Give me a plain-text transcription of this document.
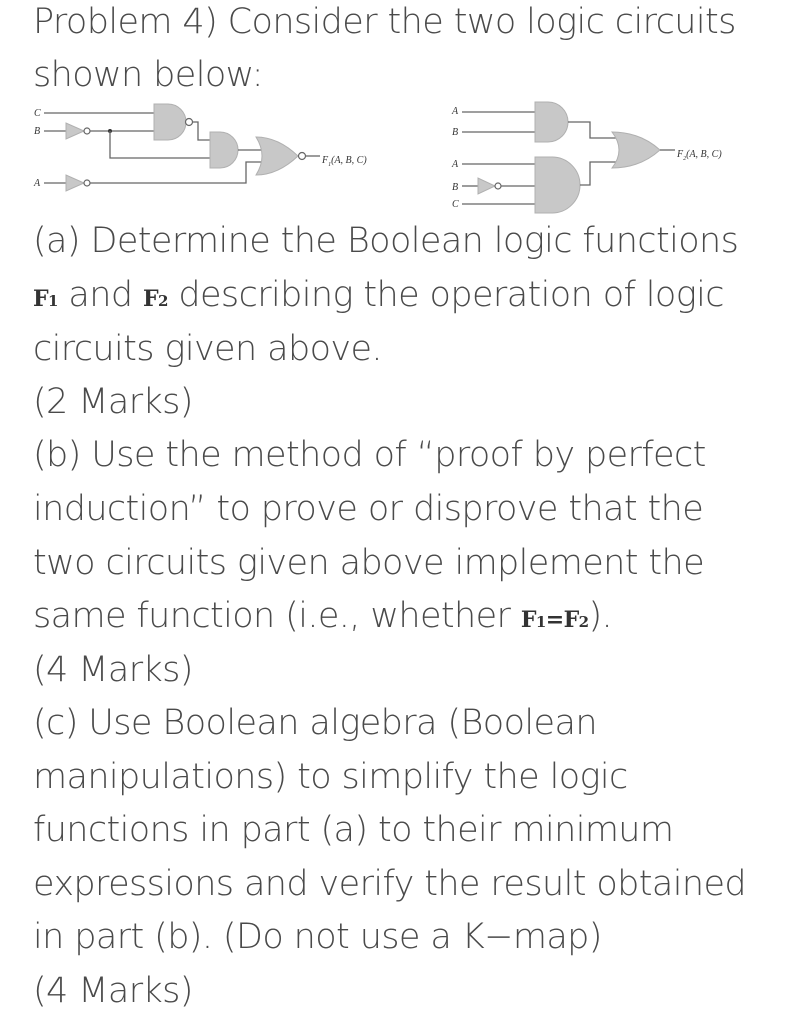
Problem 4) Consider the two logic circuits
shown below:
C
B
A
$F_1(A$, B, C)
A
B
A
B
C
$F_2(A$, B, C)
(a) Determine the Boolean logic functions
F1 and F2 describing the operation of logic
circuits given above.
(2 Marks)
(b) Use the method of “proof by perfect
induction” to prove or disprove that the
two circuits given above implement the
same function (i.e., whether F1=F2).
(4 Marks)
(c) Use Boolean algebra (Boolean
manipulations) to simplify the logic
functions in part (a) to their minimum
expressions and verify the result obtained
in part (b). (Do not use a K−map)
(4 Marks)
